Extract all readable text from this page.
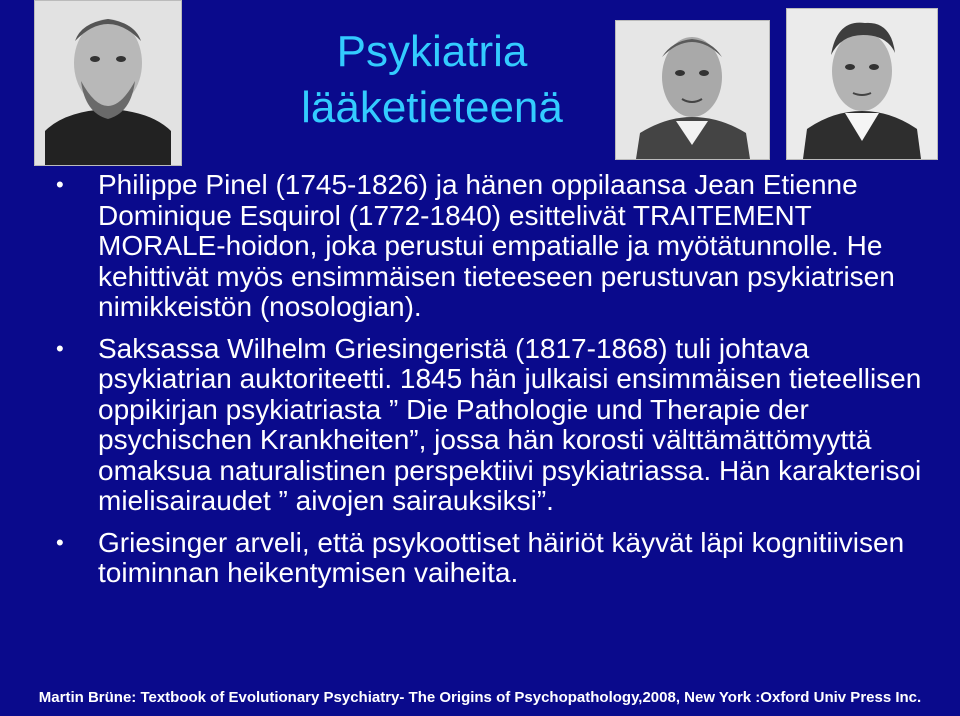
Psykiatria
lääketieteenä
•	Philippe Pinel (1745-1826) ja hänen oppilaansa Jean Etienne Dominique Esquirol (1772-1840) esittelivät TRAITEMENT MORALE-hoidon, joka perustui empatialle ja myötätunnolle. He kehittivät myös ensimmäisen tieteeseen perustuvan psykiatrisen nimikkeistön (nosologian).
•	Saksassa Wilhelm Griesingeristä (1817-1868) tuli johtava psykiatrian auktoriteetti. 1845 hän julkaisi ensimmäisen tieteellisen oppikirjan psykiatriasta ” Die Pathologie und Therapie der psychischen Krankheiten”, jossa hän korosti välttämättömyyttä omaksua naturalistinen perspektiivi psykiatriassa. Hän karakterisoi mielisairaudet ” aivojen sairauksiksi”.
•	Griesinger arveli, että psykoottiset häiriöt käyvät läpi kognitiivisen toiminnan heikentymisen vaiheita.
Martin Brüne: Textbook of Evolutionary Psychiatry- The Origins of Psychopathology,2008, New York :Oxford Univ Press Inc.
